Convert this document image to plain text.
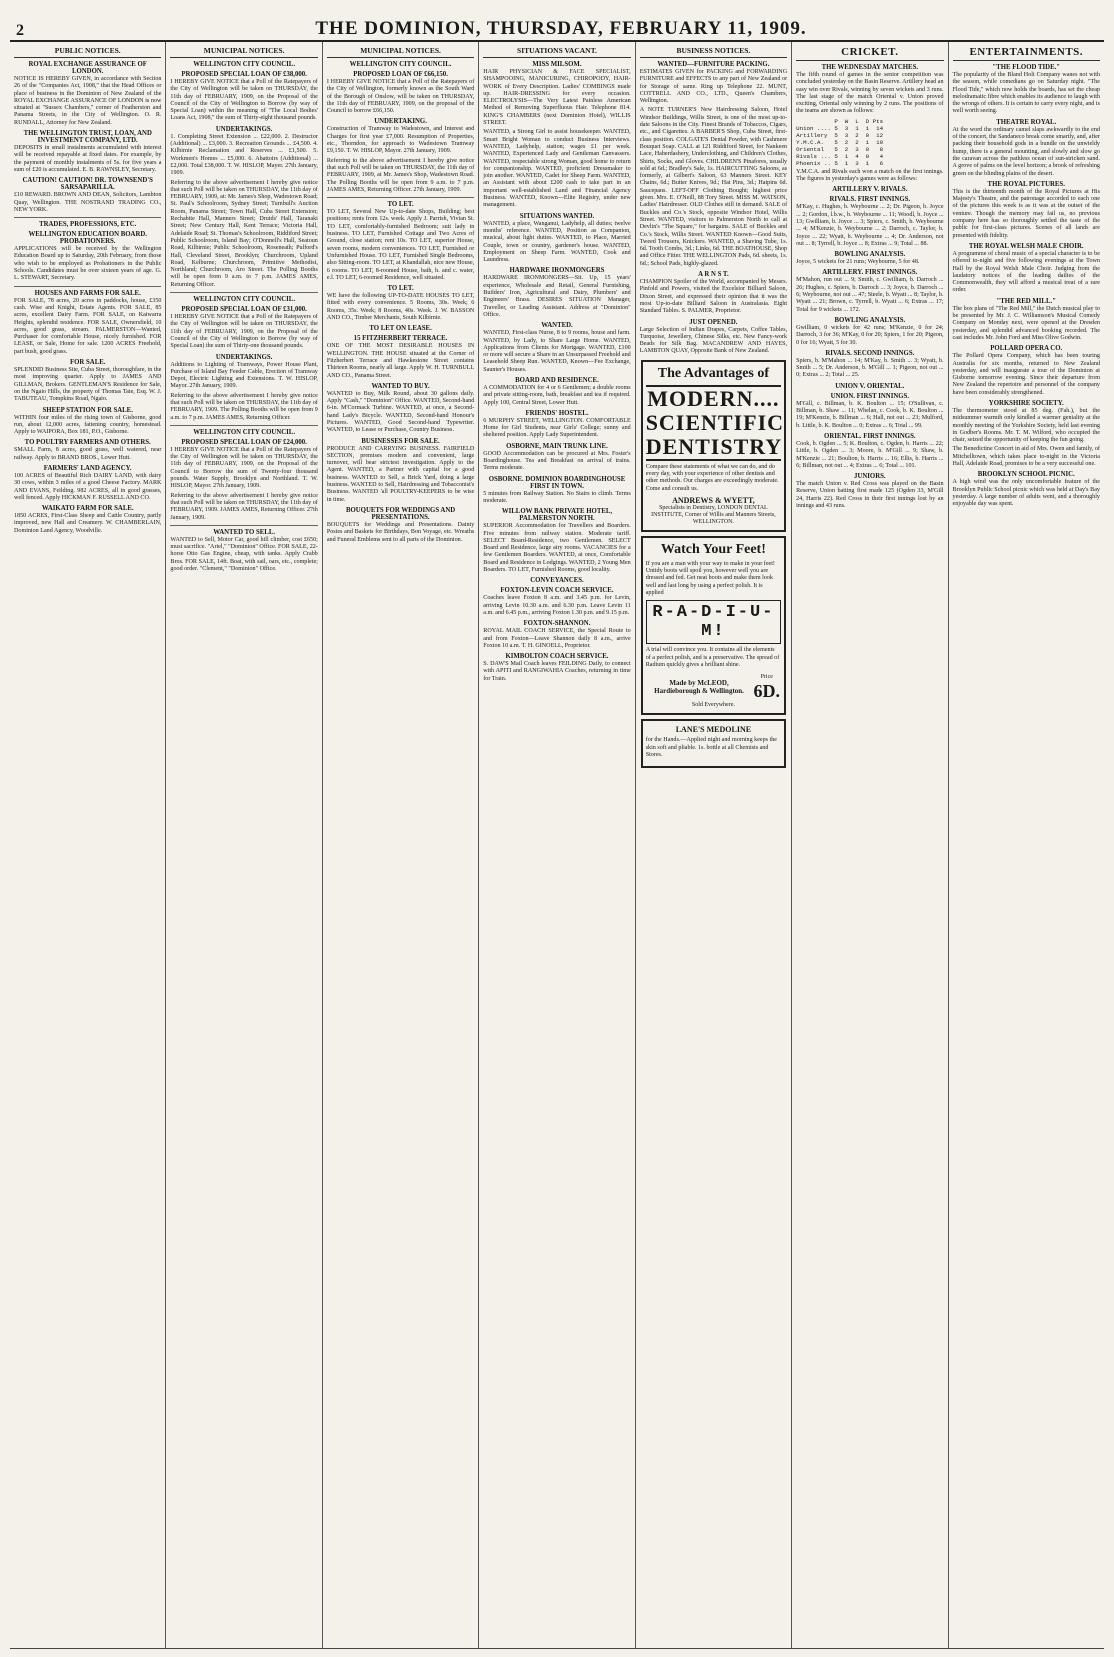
2	THE DOMINION, THURSDAY, FEBRUARY 11, 1909.
PUBLIC NOTICES.
ROYAL EXCHANGE ASSURANCE OF LONDON.
NOTICE IS HEREBY GIVEN, in accordance with Section 26 of the "Companies Act, 1908," that the Head Offices or place of business in the Dominion of New Zealand of the ROYAL EXCHANGE ASSURANCE OF LONDON is now situated at "Sussex Chambers," corner of Featherston and Panama Streets, in the City of Wellington. O. R. RUNDALL, Attorney for New Zealand.
THE WELLINGTON TRUST, LOAN, AND INVESTMENT COMPANY, LTD.
DEPOSITS in small instalments accumulated with interest will be received repayable at fixed dates. For example, by the payment of monthly instalments of 5s. for five years a sum of £20 is accumulated. E. B. RAWNSLEY, Secretary.
CAUTION! CAUTION! DR. TOWNSEND'S SARSAPARILLA.
£10 REWARD. BROWN AND DEAN, Solicitors, Lambton Quay, Wellington. THE NOSTRAND TRADING CO., NEW YORK.
TRADES, PROFESSIONS, ETC.
WELLINGTON EDUCATION BOARD. PROBATIONERS.
APPLICATIONS will be received by the Wellington Education Board up to Saturday, 20th February, from those who wish to be employed as Probationers in the Public Schools. Candidates must be over sixteen years of age. G. L. STEWART, Secretary.
HOUSES AND FARMS FOR SALE.
FOR SALE, 78 acres, 20 acres in paddocks, house, £350 cash. Wise and Knight, Estate Agents. FOR SALE, 85 acres, excellent Dairy Farm. FOR SALE, on Kaiwarra Heights, splendid residence. FOR SALE, Ownersfield, 10 acres, good grass, stream. PALMERSTON—Wanted, Purchaser for comfortable House, nicely furnished. FOR LEASE, or Sale, Home for sale. 1200 ACRES Freehold, part bush, good grass.
FOR SALE.
SPLENDID Business Site, Cuba Street, thoroughfare, in the most improving quarter. Apply to JAMES AND GILLMAN, Brokers. GENTLEMAN'S Residence for Sale, on the Ngaio Hills, the property of Thomas Tate, Esq. W. J. TABUTEAU, Tompkins Road, Ngaio.
SHEEP STATION FOR SALE.
WITHIN four miles of the rising town of Gisborne, good run, about 12,000 acres, fattening country, homestead. Apply to WAIPORA, Box 181, P.O., Gisborne.
TO POULTRY FARMERS AND OTHERS.
SMALL Farm, 8 acres, good grass, well watered, near railway. Apply to BRAND BROS., Lower Hutt.
FARMERS' LAND AGENCY.
100 ACRES of Beautiful Rich DAIRY LAND, with dairy 30 cows, within 3 miles of a good Cheese Factory. MARK AND EVANS, Feilding. 982 ACRES, all in good grasses, well fenced. Apply HICKMAN F. RUSSELL AND CO.
WAIKATO FARM FOR SALE.
1850 ACRES, First-Class Sheep and Cattle Country, partly improved, new Hall and Creamery. W. CHAMBERLAIN, Dominion Land Agency, Woodville.
MUNICIPAL NOTICES.
WELLINGTON CITY COUNCIL.
PROPOSED SPECIAL LOAN OF £38,000.
I HEREBY GIVE NOTICE that a Poll of the Ratepayers of the City of Wellington will be taken on THURSDAY, the 11th day of FEBRUARY, 1909, on the Proposal of the Council of the City of Wellington to Borrow (by way of Special Loan) within the meaning of "The Local Bodies' Loans Act, 1908," the sum of Thirty-eight thousand pounds.
UNDERTAKINGS.
1. Completing Street Extension ... £22,000. 2. Destructor (Additional) ... £3,000. 3. Recreation Grounds ... £4,500. 4. Kilbirnie Reclamation and Reserves ... £1,500. 5. Workmen's Homes ... £5,000. 6. Abattoirs (Additional) ... £2,000. Total £38,000. T. W. HISLOP, Mayer. 27th January, 1909.
Referring to the above advertisement I hereby give notice that such Poll will be taken on THURSDAY, the 11th day of FEBRUARY, 1909, at: Mr. James's Shop, Wadestown Road; St. Paul's Schoolroom, Sydney Street; Turnbull's Auction Room, Panama Street; Town Hall, Cuba Street Extension; Rechabite Hall, Manners Street; Druids' Hall, Taranaki Street; New Century Hall, Kent Terrace; Victoria Hall, Adelaide Road; St. Thomas's Schoolroom, Riddiford Street; Public Schoolroom, Island Bay; O'Donnell's Hall, Seatoun Road, Kilbirnie; Public Schoolroom, Roseneath; Pulford's Hall, Cleveland Street, Brooklyn; Churchroom, Upland Road, Kelburne; Churchroom, Primitive Methodist, Northland; Churchroom, Aro Street. The Polling Booths will be open from 9 a.m. to 7 p.m. JAMES AMES, Returning Officer.
WELLINGTON CITY COUNCIL.
PROPOSED SPECIAL LOAN OF £31,000.
I HEREBY GIVE NOTICE that a Poll of the Ratepayers of the City of Wellington will be taken on THURSDAY, the 11th day of FEBRUARY, 1909, on the Proposal of the Council of the City of Wellington to Borrow (by way of Special Loan) the sum of Thirty-one thousand pounds.
UNDERTAKINGS.
Additions to Lighting of Tramways, Power House Plant, Purchase of Island Bay Feeder Cable, Erection of Tramway Depot, Electric Lighting and Extensions. T. W. HISLOP, Mayor. 27th January, 1909.
Referring to the above advertisement I hereby give notice that such Poll will be taken on THURSDAY, the 11th day of FEBRUARY, 1909. The Polling Booths will be open from 9 a.m. to 7 p.m. JAMES AMES, Returning Officer.
WELLINGTON CITY COUNCIL.
PROPOSED SPECIAL LOAN OF £24,000.
I HEREBY GIVE NOTICE that a Poll of the Ratepayers of the City of Wellington will be taken on THURSDAY, the 11th day of FEBRUARY, 1909, on the Proposal of the Council to Borrow the sum of Twenty-four thousand pounds. Water Supply, Brooklyn and Northland. T. W. HISLOP, Mayor. 27th January, 1909.
Referring to the above advertisement I hereby give notice that such Poll will be taken on THURSDAY, the 11th day of FEBRUARY, 1909. JAMES AMES, Returning Officer. 27th January, 1909.
WANTED TO SELL.
WANTED to Sell, Motor Car, good hill climber, cost £650; must sacrifice. "Ariel," "Dominion" Office. FOR SALE, 22-horse Otto Gas Engine, cheap, with tanks. Apply Crabb Bros. FOR SALE, 14ft. Boat, with sail, oars, etc., complete; good order. "Clement," "Dominion" Office.
MUNICIPAL NOTICES.
WELLINGTON CITY COUNCIL.
PROPOSED LOAN OF £66,150.
I HEREBY GIVE NOTICE that a Poll of the Ratepayers of the City of Wellington, formerly known as the South Ward of the Borough of Onslow, will be taken on THURSDAY, the 11th day of FEBRUARY, 1909, on the proposal of the Council to borrow £66,150.
UNDERTAKING.
Construction of Tramway to Wadestown, and Interest and Charges for first year £7,000. Resumption of Properties, etc., Thorndon, for approach to Wadestown Tramway £9,150. T. W. HISLOP, Mayor. 27th January, 1909.
Referring to the above advertisement I hereby give notice that such Poll will be taken on THURSDAY, the 11th day of FEBRUARY, 1909, at Mr. James's Shop, Wadestown Road. The Polling Booths will be open from 9 a.m. to 7 p.m. JAMES AMES, Returning Officer. 27th January, 1909.
TO LET.
TO LET, Several New Up-to-date Shops, Building; best positions; rents from 12s. week. Apply J. Parrish, Vivian St. TO LET, comfortably-furnished Bedroom; suit lady in business. TO LET, Furnished Cottage and Two Acres of Ground, close station; rent 10s. TO LET, superior House, seven rooms, modern conveniences. TO LET, Furnished or Unfurnished House. TO LET, Furnished Single Bedrooms, also Sitting-room. TO LET, at Khandallah, nice new House, 6 rooms. TO LET, 8-roomed House, bath, h. and c. water, e.l. TO LET, 6-roomed Residence, well situated.
TO LET.
WE have the following UP-TO-DATE HOUSES TO LET, fitted with every convenience. 5 Rooms, 30s. Week; 6 Rooms, 35s. Week; 8 Rooms, 40s. Week. J. W. BASSON AND CO., Timber Merchants, South Kilbirnie.
TO LET ON LEASE.
15 FITZHERBERT TERRACE.
ONE OF THE MOST DESIRABLE HOUSES IN WELLINGTON. THE HOUSE situated at the Corner of Fitzherbert Terrace and Hawkestone Street contains Thirteen Rooms, nearly all large. Apply W. H. TURNBULL AND CO., Panama Street.
WANTED TO BUY.
WANTED to Buy, Milk Round, about 30 gallons daily. Apply "Cash," "Dominion" Office. WANTED, Second-hand 6-in. M'Cormack Turbine. WANTED, at once, a Second-hand Lady's Bicycle. WANTED, Second-hand Honour's Pictures. WANTED, Good Second-hand Typewriter. WANTED, to Lease or Purchase, Country Business.
BUSINESSES FOR SALE.
PRODUCE AND CARRYING BUSINESS. FAIRFIELD SECTION, premises modern and convenient, large turnover, will bear strictest investigation. Apply to the Agent. WANTED, a Partner with capital for a good business. WANTED to Sell, a Brick Yard, doing a large business. WANTED to Sell, Hairdressing and Tobacconist's Business. WANTED 'all POULTRY-KEEPERS to be wise in time.
BOUQUETS FOR WEDDINGS AND PRESENTATIONS.
BOUQUETS for Weddings and Presentations. Dainty Posies and Baskets for Birthdays, Bon Voyage, etc. Wreaths and Funeral Emblems sent to all parts of the Dominion.
SITUATIONS VACANT.
MISS MILSOM.
HAIR PHYSICIAN & FACE SPECIALIST, SHAMPOOING, MANICURING, CHIROPODY, HAIR-WORK of Every Description. Ladies' COMBINGS made up. HAIR-DRESSING for every occasion. ELECTROLYSIS—The Very Latest Painless American Method of Removing Superfluous Hair. Telephone 814. KING'S CHAMBERS (next Dominion Hotel), WILLIS STREET.
WANTED, a Strong Girl to assist housekeeper. WANTED, Smart Bright Woman to conduct Business Interviews. WANTED, Ladyhelp, station; wages £1 per week. WANTED, Experienced Lady and Gentleman Canvassers. WANTED, respectable strong Woman, good home to return for companionship. WANTED, proficient Dressmaker to join another. WANTED, Cadet for Sheep Farm. WANTED, an Assistant with about £200 cash to take part in an important well-established Land and Financial Agency Business. WANTED, Known—Elite Registry, under new management.
SITUATIONS WANTED.
WANTED, a place, Wanganui, Ladyhelp, all duties; twelve months' reference. WANTED, Position as Companion, musical, about light duties. WANTED, to Place, Married Couple, town or country, gardener's house. WANTED, Employment on Sheep Farm. WANTED, Cook and Laundress.
HARDWARE IRONMONGERS
HARDWARE IRONMONGERS—Sit. Up, 15 years' experience, Wholesale and Retail, General Furnishing, Builders' Iron, Agricultural and Dairy, Plumbers' and Engineers' Brass. DESIRES SITUATION Manager, Traveller, or Leading Assistant. Address at "Dominion" Office.
WANTED.
WANTED, First-class Nurse, 8 to 9 rooms, house and farm. WANTED, by Lady, to Share Large Home. WANTED, Applications from Clients for Mortgage. WANTED, £100 or more will secure a Share in an Unsurpassed Freehold and Leasehold Sheep Run. WANTED, Known—Fee Exchange, Saunter's Houses.
BOARD AND RESIDENCE.
A COMMODATION for 4 or 6 Gentlemen; a double rooms and private sitting-room, bath, breakfast and tea if required. Apply 100, Central Street, Lower Hutt.
FRIENDS' HOSTEL.
6 MURPHY STREET, WELLINGTON. COMFORTABLE Home for Girl Students, near Girls' College; sunny and sheltered position. Apply Lady Superintendent.
OSBORNE, MAIN TRUNK LINE.
GOOD Accommodation can be procured at Mrs. Foster's Boardinghouse. Tea and Breakfast on arrival of trains. Terms moderate.
OSBORNE. DOMINION BOARDINGHOUSE FIRST IN TOWN.
5 minutes from Railway Station. No Stairs to climb. Terms moderate.
WILLOW BANK PRIVATE HOTEL, PALMERSTON NORTH.
SUPERIOR Accommodation for Travellers and Boarders. Five minutes from railway station. Moderate tariff. SELECT Board-Residence, two Gentlemen. SELECT Board and Residence, large airy rooms. VACANCIES for a few Gentlemen Boarders. WANTED, at once, Comfortable Board and Residence in Lodgings. WANTED, 2 Young Men Boarders. TO LET, Furnished Rooms, good locality.
CONVEYANCES.
FOXTON-LEVIN COACH SERVICE.
Coaches leave Foxton 8 a.m. and 3.45 p.m. for Levin, arriving Levin 10.30 a.m. and 6.30 p.m. Leave Levin 11 a.m. and 6.45 p.m., arriving Foxton 1.30 p.m. and 9.15 p.m.
FOXTON-SHANNON.
ROYAL MAIL COACH SERVICE, the Special Route to and from Foxton—Leave Shannon daily 8 a.m., arrive Foxton 10 a.m. T. H. GINOELL, Proprietor.
KIMBOLTON COACH SERVICE.
S. DAW'S Mail Coach leaves FEILDING Daily, to connect with APITI and RANGIWAHIA Coaches, returning in time for Train.
BUSINESS NOTICES.
WANTED—FURNITURE PACKING.
ESTIMATES GIVEN for PACKING and FORWARDING FURNITURE and EFFECTS to any part of New Zealand or for Storage of same. Ring up Telephone 22. MUNT, COTTRELL AND CO., LTD., Queen's Chambers, Wellington.
A NOTE TURNER'S New Hairdressing Saloon, Hotel Windsor Buildings, Willis Street, is one of the most up-to-date Saloons in the City. Finest Brands of Tobaccos, Cigars, etc., and Cigarettes. A BARBER'S Shop, Cuba Street, first-class position. COLGATE'S Dental Powder, with Cashmere Bouquet Soap. CALL at 121 Riddiford Street, for Nankeen Lace, Haberdashery, Underclothing, and Children's Clothes, Shirts, Socks, and Gloves. CHILDREN'S Pinafores, usually sold at 6d.; Bradley's Sale, 1s. HAIRCUTTING Saloons, as formerly, at Gilbert's Saloon, 63 Manners Street. KEY Chains, 6d.; Butter Knives, 9d.; Hat Pins, 3d.; Hatpins 6d. Saucepans. LEFT-OFF Clothing Bought; highest price given. Mrs. E. O'Neill, 88 Tory Street. MISS M. WATSON, Ladies' Hairdresser. OLD Clothes still in demand. SALE of Buckles and Co.'s Stock, opposite Windsor Hotel, Willis Street. WANTED, visitors to Palmerston North to call at Devlin's "The Square," for bargains. SALE of Buckles and Co.'s Stock, Willis Street. WANTED Known—Good Suits, Tweed Trousers, Knickers. WANTED, a Shaving Tube, 1s. 6d. Tooth Combs, 3d.; Links, 6d. THE BOATHOUSE, Shop and Office Fitter. THE WELLINGTON Pads, 6d. sheets, 1s. 6d.; School Pads, highly-glazed.
A R N S T.
CHAMPION Spoiler of the World, accompanied by Messrs. Pinfold and Powers, visited the Excelsior Billiard Saloon, Dixon Street, and expressed their opinion that it was the most Up-to-date Billiard Saloon in Australasia. Eight Standard Tables. S. PALMER, Proprietor.
JUST OPENED.
Large Selection of Indian Drapes, Carpets, Coffee Tables, Turquoise, Jewellery, Chinese Silks, etc. New Fancy-work Beads for Silk Bag. MACANDREW AND HAYES, LAMBTON QUAY, Opposite Bank of New Zealand.
The Advantages of
MODERN....
SCIENTIFIC
DENTISTRY
Compare these statements of what we can do, and do every day, with your experience of other dentists and other methods. Our charges are exceedingly moderate. Come and consult us.
ANDREWS & WYETT,
Specialists in Dentistry, LONDON DENTAL INSTITUTE, Corner of Willis and Manners Streets, WELLINGTON.
Watch Your Feet!
If you are a man with your way to make in your feet! Untidy boots will spoil you, however well you are dressed and fed. Get neat boots and make them look well and last long by using a perfect polish. It is applied
R-A-D-I-U-M!
A trial will convince you. It contains all the elements of a perfect polish, and is a preservative. The spread of Radium quickly gives a brilliant shine.
Made by McLEOD, Hardieborough & Wellington.
Price 6D.
Sold Everywhere.
LANE'S MEDOLINE
for the Hands.—Applied night and morning keeps the skin soft and pliable. 1s. bottle at all Chemists and Stores.
CRICKET.
THE WEDNESDAY MATCHES.
The fifth round of games in the senior competition was concluded yesterday on the Basin Reserve. Artillery head an easy win over Rivals, winning by seven wickets and 3 runs. The last stage of the match Oriental v. Union proved exciting, Oriental only winning by 2 runs. The positions of the teams are shown as follows:
P  W  L  D Pts
Union .... 5  3  1  1  14
Artillery  5  3  2  0  12
Y.M.C.A.   5  2  2  1  10
Oriental   5  2  3  0   8
Rivals ... 5  1  4  0   4
Phoenix .. 5  1  3  1   6
Y.M.C.A. and Rivals each won a match on the first innings. The figures in yesterday's games were as follows:
ARTILLERY V. RIVALS.
RIVALS. FIRST INNINGS.
M'Kay, c. Hughes, b. Weybourne ... 2; Dr. Pigeon, b. Joyce ... 2; Gordon, l.b.w., b. Weybourne ... 11; Woodl, b. Joyce ... 13; Gwilliam, b. Joyce ... 3; Spiers, c. Smith, b. Weybourne ... 4; M'Kenzie, b. Weybourne ... 2; Darroch, c. Taylor, b. Joyce ... 22; Wyatt, b. Weybourne ... 4; Dr. Anderson, not out ... 8; Tyrrell, b. Joyce ... 8; Extras ... 9; Total ... 88.
BOWLING ANALYSIS.
Joyce, 5 wickets for 21 runs; Weybourne, 5 for 48.
ARTILLERY. FIRST INNINGS.
M'Mahon, run out ... 9; Smith, c. Gwilliam, b. Darroch ... 26; Hughes, c. Spiers, b. Darroch ... 3; Joyce, b. Darroch ... 6; Weybourne, not out ... 47; Steele, b. Wyatt ... 8; Taylor, b. Wyatt ... 21; Brown, c. Tyrrell, b. Wyatt ... 6; Extras ... 17; Total for 9 wickets ... 172.
BOWLING ANALYSIS.
Gwilliam, 0 wickets for 42 runs; M'Kenzie, 0 for 24; Darroch, 3 for 36; M'Kay, 0 for 20; Spiers, 1 for 20; Pigeon, 0 for 16; Wyatt, 5 for 30.
RIVALS. SECOND INNINGS.
Spiers, b. M'Mahon ... 14; M'Kay, b. Smith ... 3; Wyatt, b. Smith ... 5; Dr. Anderson, b. M'Gill ... 1; Pigeon, not out ... 0; Extras ... 2; Total ... 25.
UNION V. ORIENTAL.
UNION. FIRST INNINGS.
M'Gill, c. Billman, b. K. Boulton ... 15; O'Sullivan, c. Billman, b. Shaw ... 11; Whelan, c. Cook, b. K. Boulton ... 19; M'Kenzie, b. Billman ... 6; Hall, not out ... 23; Mulford, b. Little, b. K. Boulton ... 0; Extras ... 6; Total ... 99.
ORIENTAL. FIRST INNINGS.
Cook, b. Ogden ... 5; K. Boulton, c. Ogden, b. Harris ... 22; Little, b. Ogden ... 3; Moore, b. M'Gill ... 9; Shaw, b. M'Kenzie ... 21; Boulton, b. Harris ... 16; Ellis, b. Harris ... 6; Billman, not out ... 4; Extras ... 6; Total ... 101.
JUNIORS.
The match Union v. Red Cross was played on the Basin Reserve, Union batting first made 125 (Ogden 33, M'Gill 24, Harris 22). Red Cross in their first innings lost by an innings and 43 runs.
ENTERTAINMENTS.
"THE FLOOD TIDE."
The popularity of the Bland Holt Company wanes not with the season, while comedians go on Saturday night. "The Flood Tide," which now holds the boards, has set the cheap melodramatic fibre which enables its audience to laugh with the wrongs of others. It is certain to carry every night, and is well worth seeing.
THEATRE ROYAL.
At the word the ordinary camel slaps awkwardly to the end of the concert, the Sandaneco break come smartly, and, after packing their household gods in a bundle on the unwieldy hump, there is a general mounting, and slowly and slow go the caravan across the pathless ocean of sun-stricken sand. A grove of palms on the level horizon; a brook of refreshing green on the blinding plains of the desert.
THE ROYAL PICTURES.
This is the thirteenth month of the Royal Pictures at His Majesty's Theatre, and the patronage accorded to each one of the pictures this week is as it was at the outset of the venture. Though the memory may fail us, no previous company here has so thoroughly settled the taste of the public for first-class pictures. Scenes of all lands are presented with fidelity.
THE ROYAL WELSH MALE CHOIR.
A programme of choral music of a special character is to be offered to-night and five following evenings at the Town Hall by the Royal Welsh Male Choir. Judging from the laudatory notices of the leading dailies of the Commonwealth, they will afford a musical treat of a rare order.
"THE RED MILL."
The box plans of "The Red Mill," the Dutch musical play to be presented by Mr. J. C. Williamson's Musical Comedy Company on Monday next, were opened at the Dresden yesterday, and splendid advanced booking recorded. The cast includes Mr. John Ford and Miss Olive Godwin.
POLLARD OPERA CO.
The Pollard Opera Company, which has been touring Australia for six months, returned to New Zealand yesterday, and will inaugurate a tour of the Dominion at Gisborne tomorrow evening. Since their departure from New Zealand the repertoire and personnel of the company have been considerably strengthened.
YORKSHIRE SOCIETY.
The thermometer stood at 85 deg. (Fah.), but the midsummer warmth only kindled a warmer geniality at the monthly meeting of the Yorkshire Society, held last evening in Godber's Rooms. Mr. T. M. Wilford, who occupied the chair, seized the opportunity of keeping the fun going.
The Benedictine Concert in aid of Mrs. Owen and family, of Mitchelltown, which takes place to-night in the Victoria Hall, Adelaide Road, promises to be a very successful one.
BROOKLYN SCHOOL PICNIC.
A high wind was the only uncomfortable feature of the Brooklyn Public School picnic which was held at Day's Bay yesterday. A large number of adults went, and a thoroughly enjoyable day was spent.
